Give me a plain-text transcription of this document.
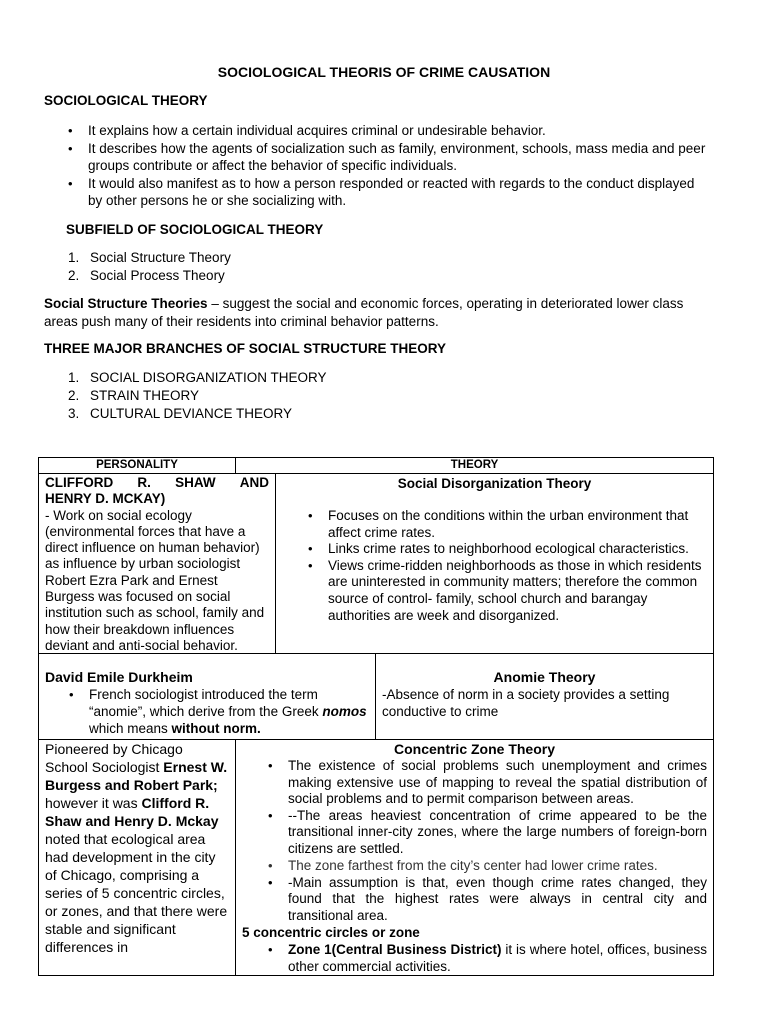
SOCIOLOGICAL THEORIS OF CRIME CAUSATION
SOCIOLOGICAL THEORY
• It explains how a certain individual acquires criminal or undesirable behavior.
• It describes how the agents of socialization such as family, environment, schools, mass media and peer groups contribute or affect the behavior of specific individuals.
• It would also manifest as to how a person responded or reacted with regards to the conduct displayed by other persons he or she socializing with.
SUBFIELD OF SOCIOLOGICAL THEORY
1. Social Structure Theory
2. Social Process Theory
Social Structure Theories – suggest the social and economic forces, operating in deteriorated lower class areas push many of their residents into criminal behavior patterns.
THREE MAJOR BRANCHES OF SOCIAL STRUCTURE THEORY
1. SOCIAL DISORGANIZATION THEORY
2. STRAIN THEORY
3. CULTURAL DEVIANCE THEORY
PERSONALITY	THEORY
CLIFFORD R. SHAW AND
HENRY D. MCKAY)
- Work on social ecology (environmental forces that have a direct influence on human behavior) as influence by urban sociologist Robert Ezra Park and Ernest Burgess was focused on social institution such as school, family and how their breakdown influences deviant and anti-social behavior.
Social Disorganization Theory
• Focuses on the conditions within the urban environment that affect crime rates.
• Links crime rates to neighborhood ecological characteristics.
• Views crime-ridden neighborhoods as those in which residents are uninterested in community matters; therefore the common source of control- family, school church and barangay authorities are week and disorganized.
David Emile Durkheim
• French sociologist introduced the term “anomie”, which derive from the Greek nomos which means without norm.
Anomie Theory
-Absence of norm in a society provides a setting conductive to crime
Pioneered by Chicago School Sociologist Ernest W. Burgess and Robert Park; however it was Clifford R. Shaw and Henry D. Mckay noted that ecological area had development in the city of Chicago, comprising a series of 5 concentric circles, or zones, and that there were stable and significant differences in
Concentric Zone Theory
• The existence of social problems such unemployment and crimes making extensive use of mapping to reveal the spatial distribution of social problems and to permit comparison between areas.
• --The areas heaviest concentration of crime appeared to be the transitional inner-city zones, where the large numbers of foreign-born citizens are settled.
• The zone farthest from the city’s center had lower crime rates.
• -Main assumption is that, even though crime rates changed, they found that the highest rates were always in central city and transitional area.
5 concentric circles or zone
• Zone 1(Central Business District) it is where hotel, offices, business other commercial activities.
